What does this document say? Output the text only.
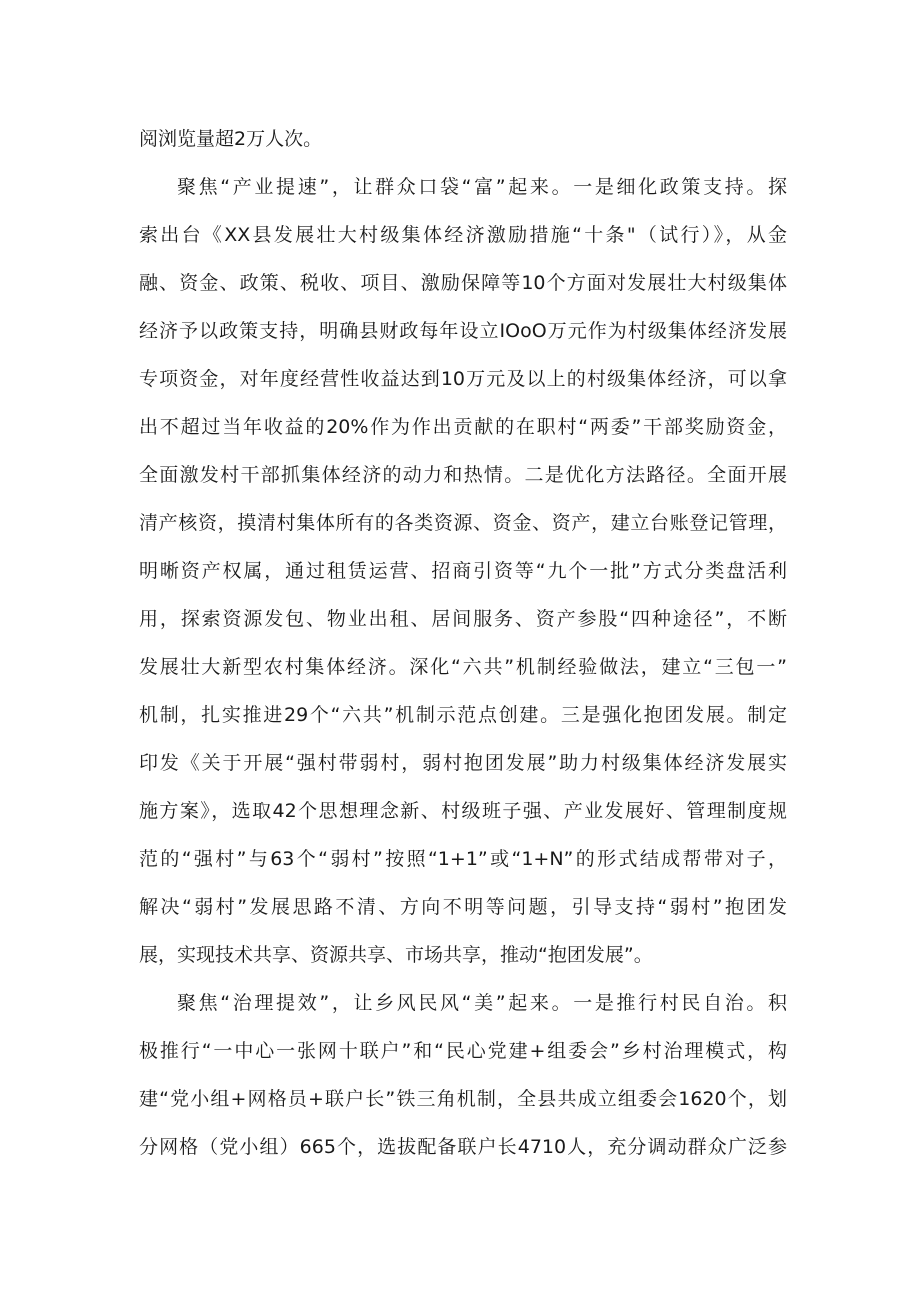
阅浏览量超2万人次。
聚焦“产业提速”，让群众口袋“富”起来。一是细化政策支持。探
索出台《XX县发展壮大村级集体经济激励措施“十条"（试行）》，从金
融、资金、政策、税收、项目、激励保障等10个方面对发展壮大村级集体
经济予以政策支持，明确县财政每年设立IOoO万元作为村级集体经济发展
专项资金，对年度经营性收益达到10万元及以上的村级集体经济，可以拿
出不超过当年收益的20%作为作出贡献的在职村“两委”干部奖励资金，
全面激发村干部抓集体经济的动力和热情。二是优化方法路径。全面开展
清产核资，摸清村集体所有的各类资源、资金、资产，建立台账登记管理，
明晰资产权属，通过租赁运营、招商引资等“九个一批”方式分类盘活利
用，探索资源发包、物业出租、居间服务、资产参股“四种途径”，不断
发展壮大新型农村集体经济。深化“六共”机制经验做法，建立“三包一”
机制，扎实推进29个“六共”机制示范点创建。三是强化抱团发展。制定
印发《关于开展“强村带弱村，弱村抱团发展”助力村级集体经济发展实
施方案》，选取42个思想理念新、村级班子强、产业发展好、管理制度规
范的“强村”与63个“弱村”按照“1+1”或“1+N”的形式结成帮带对子，
解决“弱村”发展思路不清、方向不明等问题，引导支持“弱村”抱团发
展，实现技术共享、资源共享、市场共享，推动“抱团发展”。
聚焦“治理提效”，让乡风民风“美”起来。一是推行村民自治。积
极推行“一中心一张网十联户”和“民心党建+组委会”乡村治理模式，构
建“党小组+网格员+联户长”铁三角机制，全县共成立组委会1620个，划
分网格（党小组）665个，选拔配备联户长4710人，充分调动群众广泛参
